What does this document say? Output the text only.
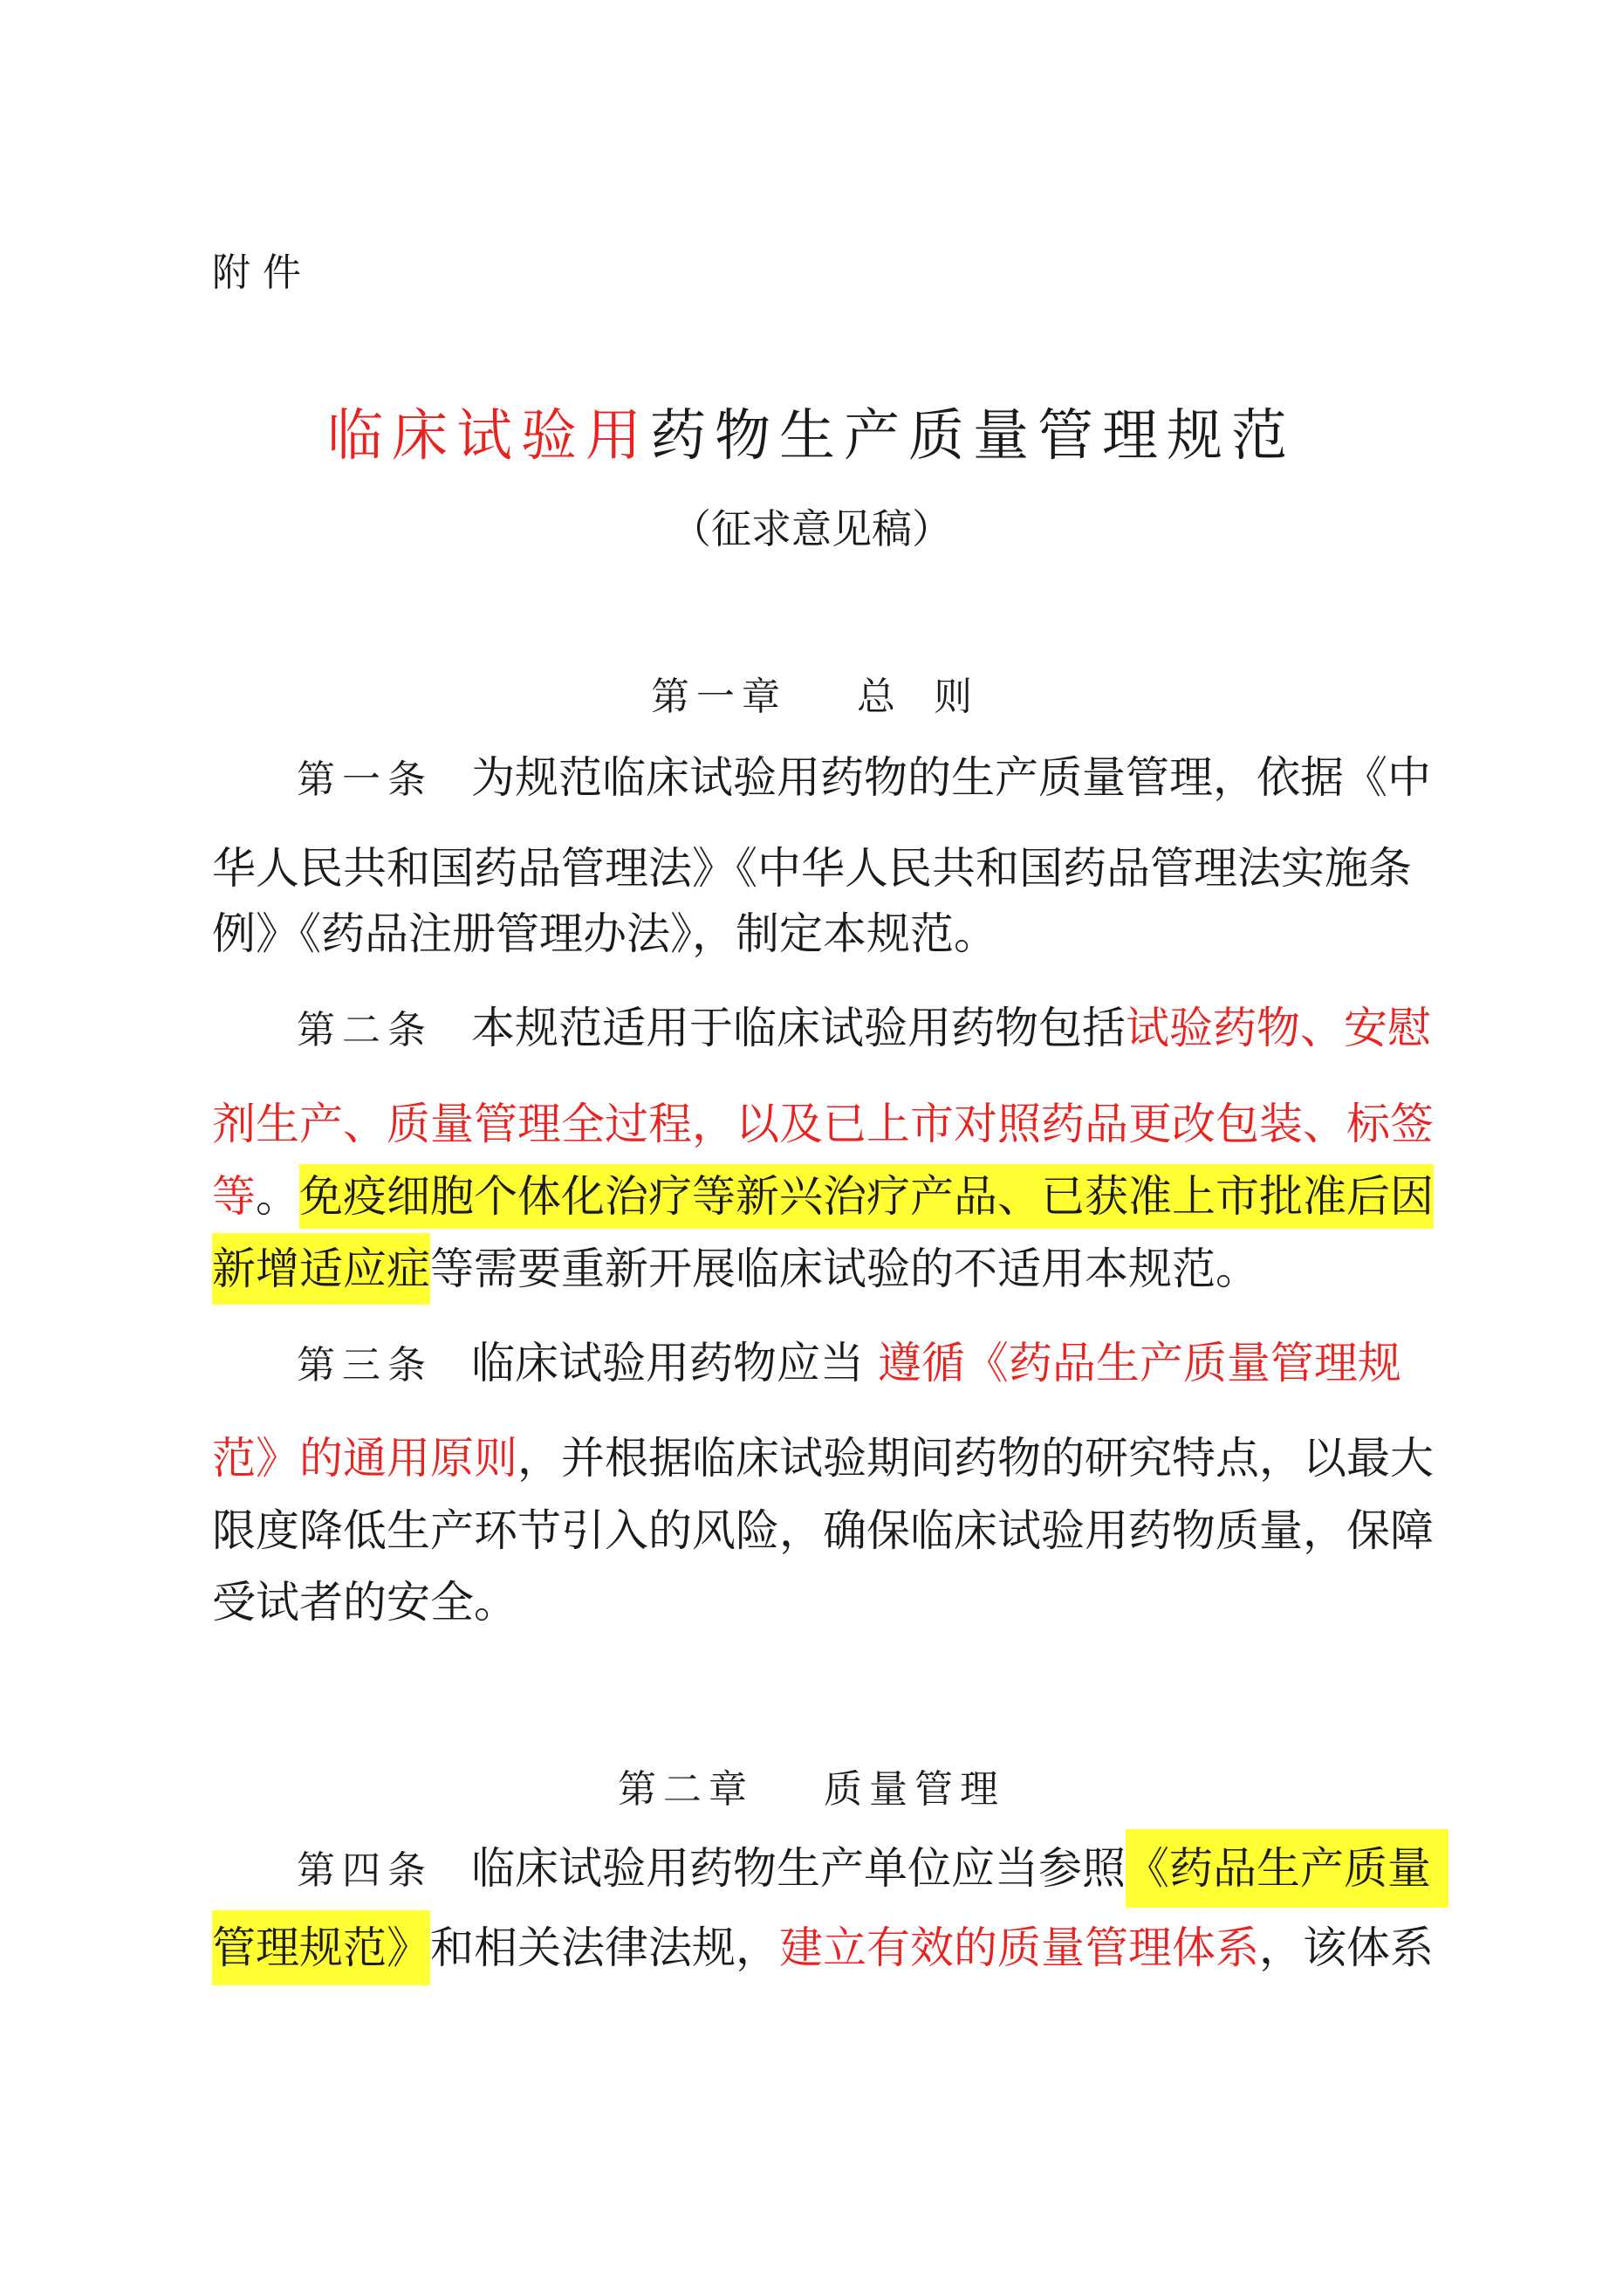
附件
临床试验用药物生产质量管理规范
（征求意见稿）
第一章 总　则
第一条 为规范临床试验用药物的生产质量管理，依据《中
华人民共和国药品管理法》《中华人民共和国药品管理法实施条
例》《药品注册管理办法》，制定本规范。
第二条 本规范适用于临床试验用药物包括试验药物、安慰
剂生产、质量管理全过程，以及已上市对照药品更改包装、标签
等。免疫细胞个体化治疗等新兴治疗产品、已获准上市批准后因
新增适应症等需要重新开展临床试验的不适用本规范。
第三条 临床试验用药物应当 遵循《药品生产质量管理规
范》的通用原则，并根据临床试验期间药物的研究特点，以最大
限度降低生产环节引入的风险，确保临床试验用药物质量，保障
受试者的安全。
第二章 质量管理
第四条 临床试验用药物生产单位应当参照《药品生产质量
管理规范》和相关法律法规，建立有效的质量管理体系，该体系
